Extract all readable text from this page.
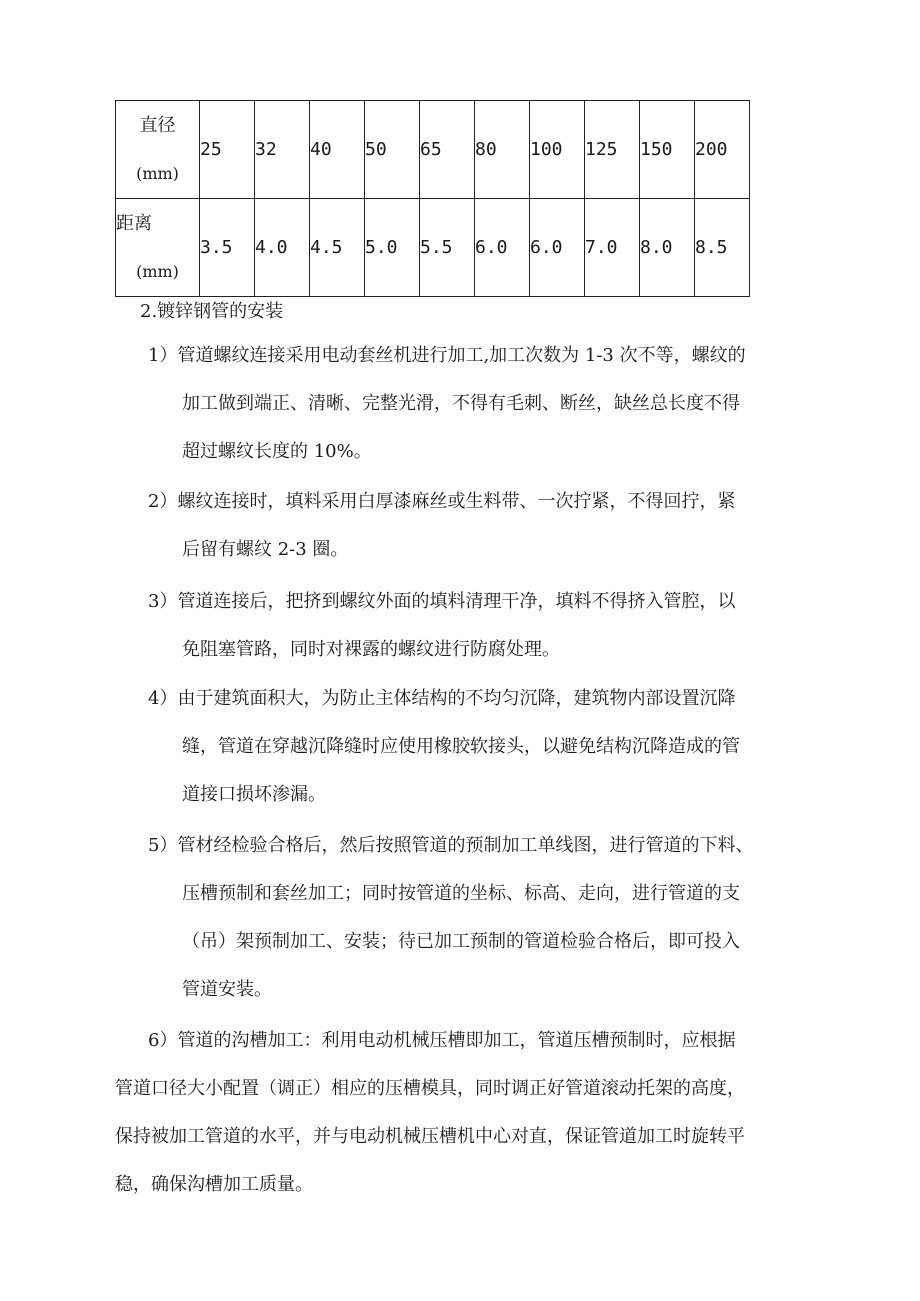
直径
(mm)	25	32	40	50	65	80	100	125	150	200

距离
(mm)	3.5	4.0	4.5	5.0	5.5	6.0	6.0	7.0	8.0	8.5

2.镀锌钢管的安装

1）管道螺纹连接采用电动套丝机进行加工,加工次数为 1-3 次不等，螺纹的

加工做到端正、清晰、完整光滑，不得有毛刺、断丝，缺丝总长度不得

超过螺纹长度的 10%。

2）螺纹连接时，填料采用白厚漆麻丝或生料带、一次拧紧，不得回拧，紧

后留有螺纹 2-3 圈。

3）管道连接后，把挤到螺纹外面的填料清理干净，填料不得挤入管腔，以

免阻塞管路，同时对裸露的螺纹进行防腐处理。

4）由于建筑面积大，为防止主体结构的不均匀沉降，建筑物内部设置沉降

缝，管道在穿越沉降缝时应使用橡胶软接头，以避免结构沉降造成的管

道接口损坏渗漏。

5）管材经检验合格后，然后按照管道的预制加工单线图，进行管道的下料、

压槽预制和套丝加工；同时按管道的坐标、标高、走向，进行管道的支

（吊）架预制加工、安装；待已加工预制的管道检验合格后，即可投入

管道安装。

6）管道的沟槽加工：利用电动机械压槽即加工，管道压槽预制时，应根据

管道口径大小配置（调正）相应的压槽模具，同时调正好管道滚动托架的高度，

保持被加工管道的水平，并与电动机械压槽机中心对直，保证管道加工时旋转平

稳，确保沟槽加工质量。
